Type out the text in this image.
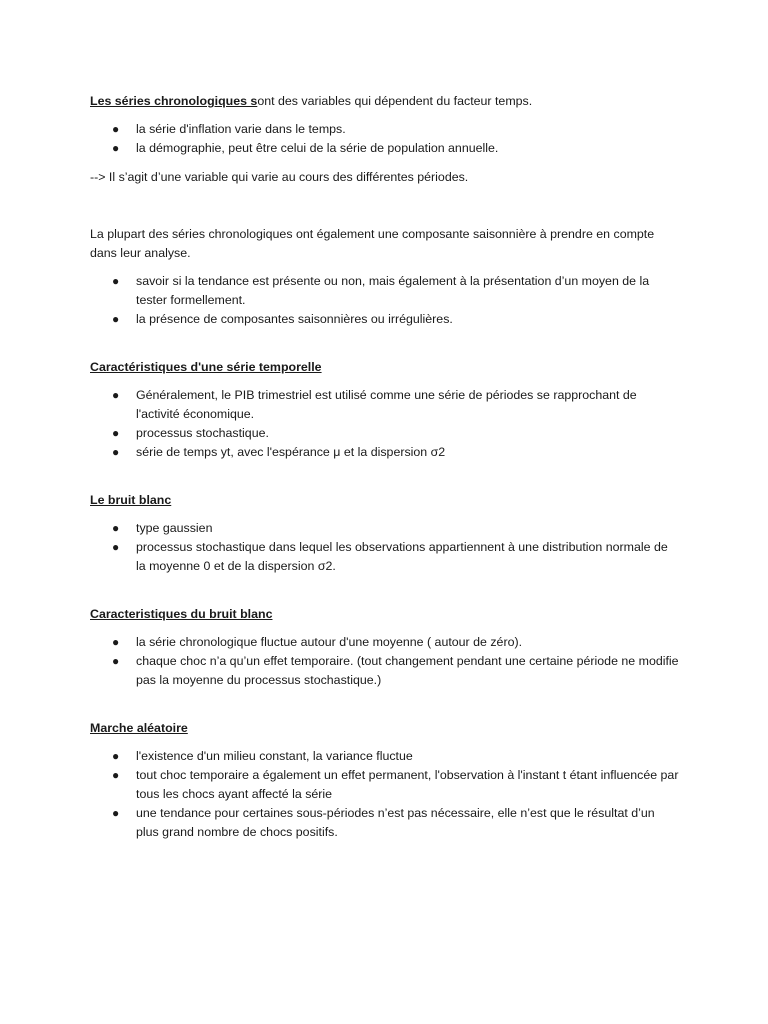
Les séries chronologiques sont des variables qui dépendent du facteur temps.

● la série d'inflation varie dans le temps.
● la démographie, peut être celui de la série de population annuelle.

--> Il s’agit d’une variable qui varie au cours des différentes périodes.

La plupart des séries chronologiques ont également une composante saisonnière à prendre en compte dans leur analyse.

● savoir si la tendance est présente ou non, mais également à la présentation d’un moyen de la tester formellement.
● la présence de composantes saisonnières ou irrégulières.

Caractéristiques d'une série temporelle

● Généralement, le PIB trimestriel est utilisé comme une série de périodes se rapprochant de l'activité économique.
● processus stochastique.
● série de temps yt, avec l'espérance μ et la dispersion σ2

Le bruit blanc

● type gaussien
● processus stochastique dans lequel les observations appartiennent à une distribution normale de la moyenne 0 et de la dispersion σ2.

Caracteristiques du bruit blanc

● la série chronologique fluctue autour d'une moyenne ( autour de zéro).
● chaque choc n’a qu’un effet temporaire. (tout changement pendant une certaine période ne modifie pas la moyenne du processus stochastique.)

Marche aléatoire

● l'existence d'un milieu constant, la variance fluctue
● tout choc temporaire a également un effet permanent, l'observation à l'instant t étant influencée par tous les chocs ayant affecté la série
● une tendance pour certaines sous-périodes n’est pas nécessaire, elle n’est que le résultat d’un plus grand nombre de chocs positifs.
